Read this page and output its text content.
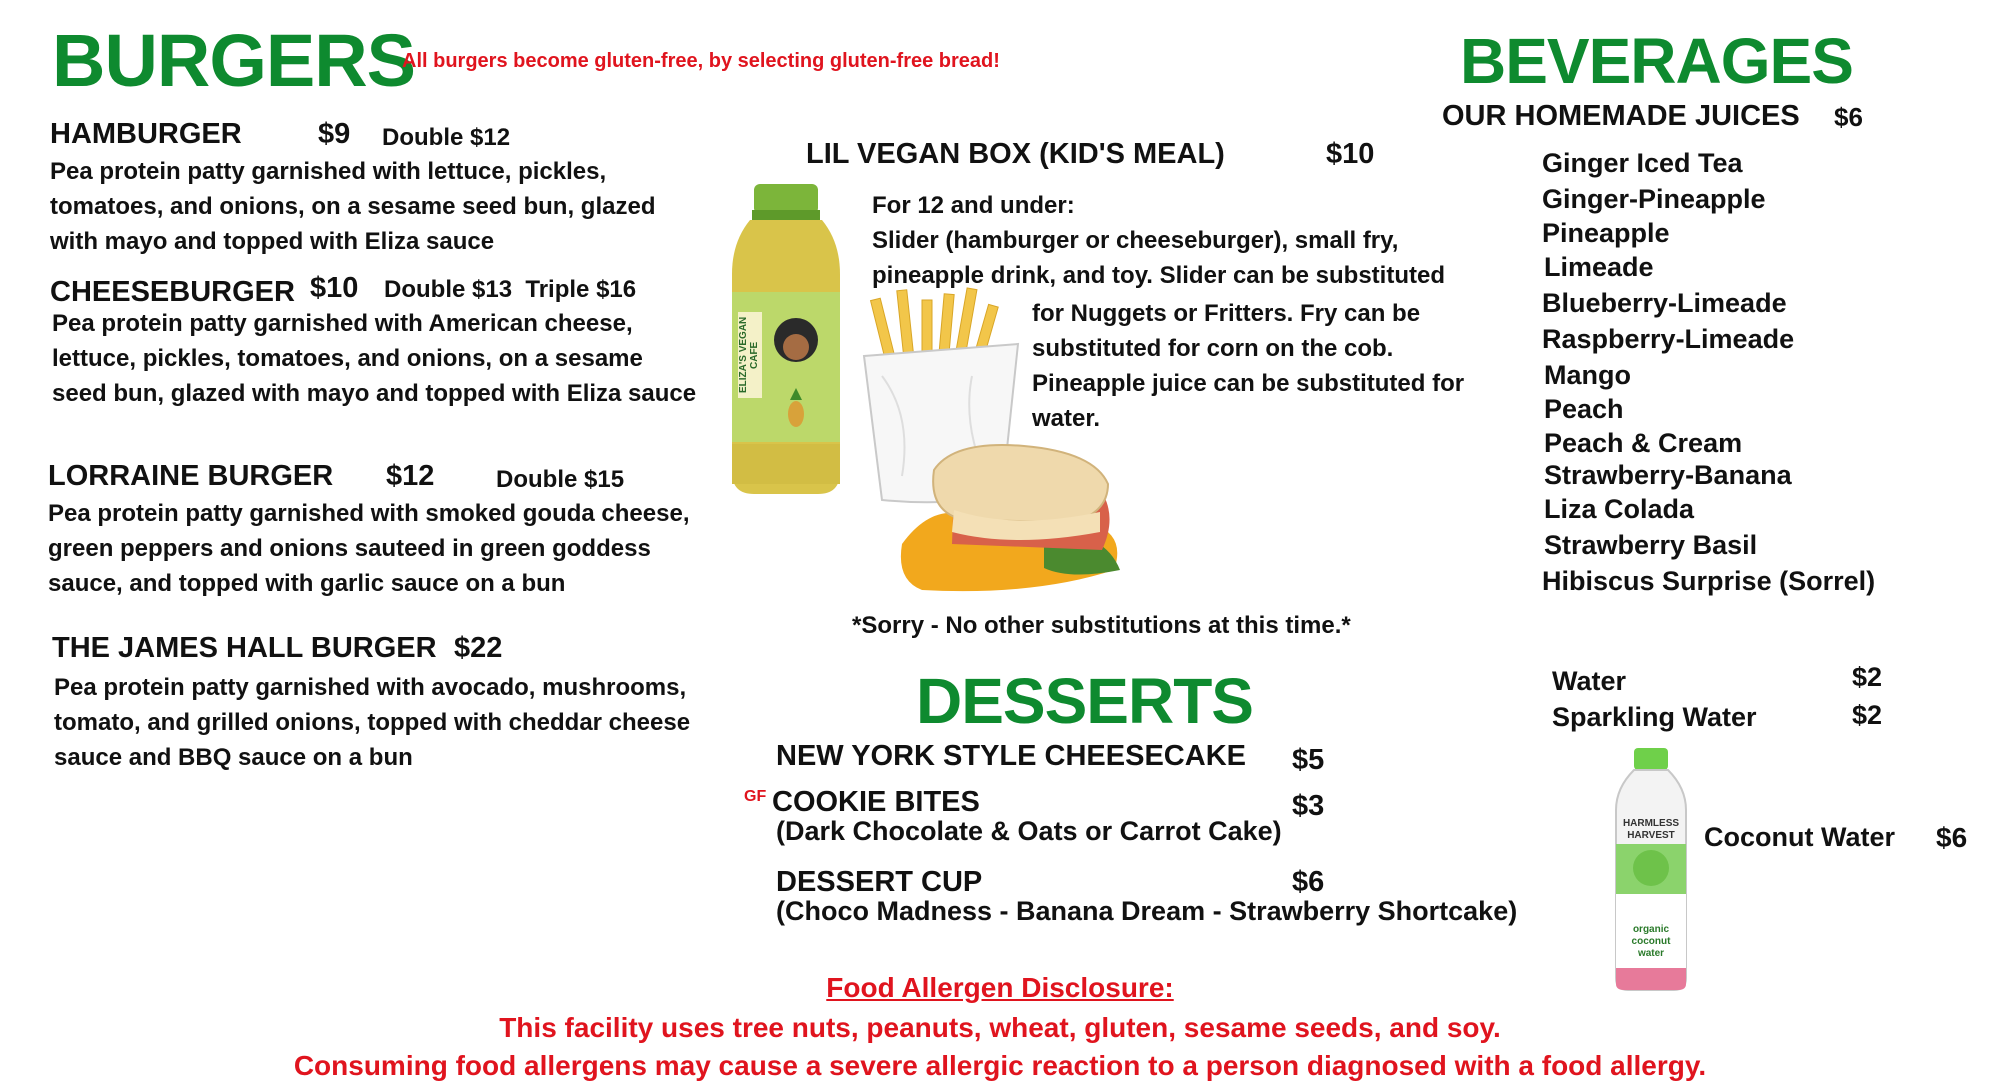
BURGERS
All burgers become gluten-free, by selecting gluten-free bread!
HAMBURGER	$9 Double $12
Pea protein patty garnished with lettuce, pickles, tomatoes, and onions, on a sesame seed bun, glazed with mayo and topped with Eliza sauce
CHEESEBURGER $10 Double $13  Triple $16
Pea protein patty garnished with American cheese, lettuce, pickles, tomatoes, and onions, on a sesame seed bun, glazed with mayo and topped with Eliza sauce
LORRAINE BURGER $12	Double $15
Pea protein patty garnished with smoked gouda cheese, green peppers and onions sauteed in green goddess sauce, and topped with garlic sauce on a bun
THE JAMES HALL BURGER $22
Pea protein patty garnished with avocado, mushrooms, tomato, and grilled onions, topped with cheddar cheese sauce and BBQ sauce on a bun
LIL VEGAN BOX (KID'S MEAL)	$10
For 12 and under:
Slider (hamburger or cheeseburger), small fry,
pineapple drink, and toy. Slider can be substituted
for Nuggets or Fritters. Fry can be
substituted for corn on the cob.
Pineapple juice can be substituted for
water.
ELIZA'S VEGAN CAFE
*Sorry - No other substitutions at this time.*
DESSERTS
NEW YORK STYLE CHEESECAKE $5
GF COOKIE BITES	$3
(Dark Chocolate & Oats or Carrot Cake)
DESSERT CUP	$6
(Choco Madness - Banana Dream - Strawberry Shortcake)
BEVERAGES
OUR HOMEMADE JUICES $6
Ginger Iced Tea
Ginger-Pineapple
Pineapple
Limeade
Blueberry-Limeade
Raspberry-Limeade
Mango
Peach
Peach & Cream
Strawberry-Banana
Liza Colada
Strawberry Basil
Hibiscus Surprise (Sorrel)
Water	$2
Sparkling Water	$2
HARMLESS HARVEST
organic coconut water
Coconut Water $6
Food Allergen Disclosure:
This facility uses tree nuts, peanuts, wheat, gluten, sesame seeds, and soy.
Consuming food allergens may cause a severe allergic reaction to a person diagnosed with a food allergy.
